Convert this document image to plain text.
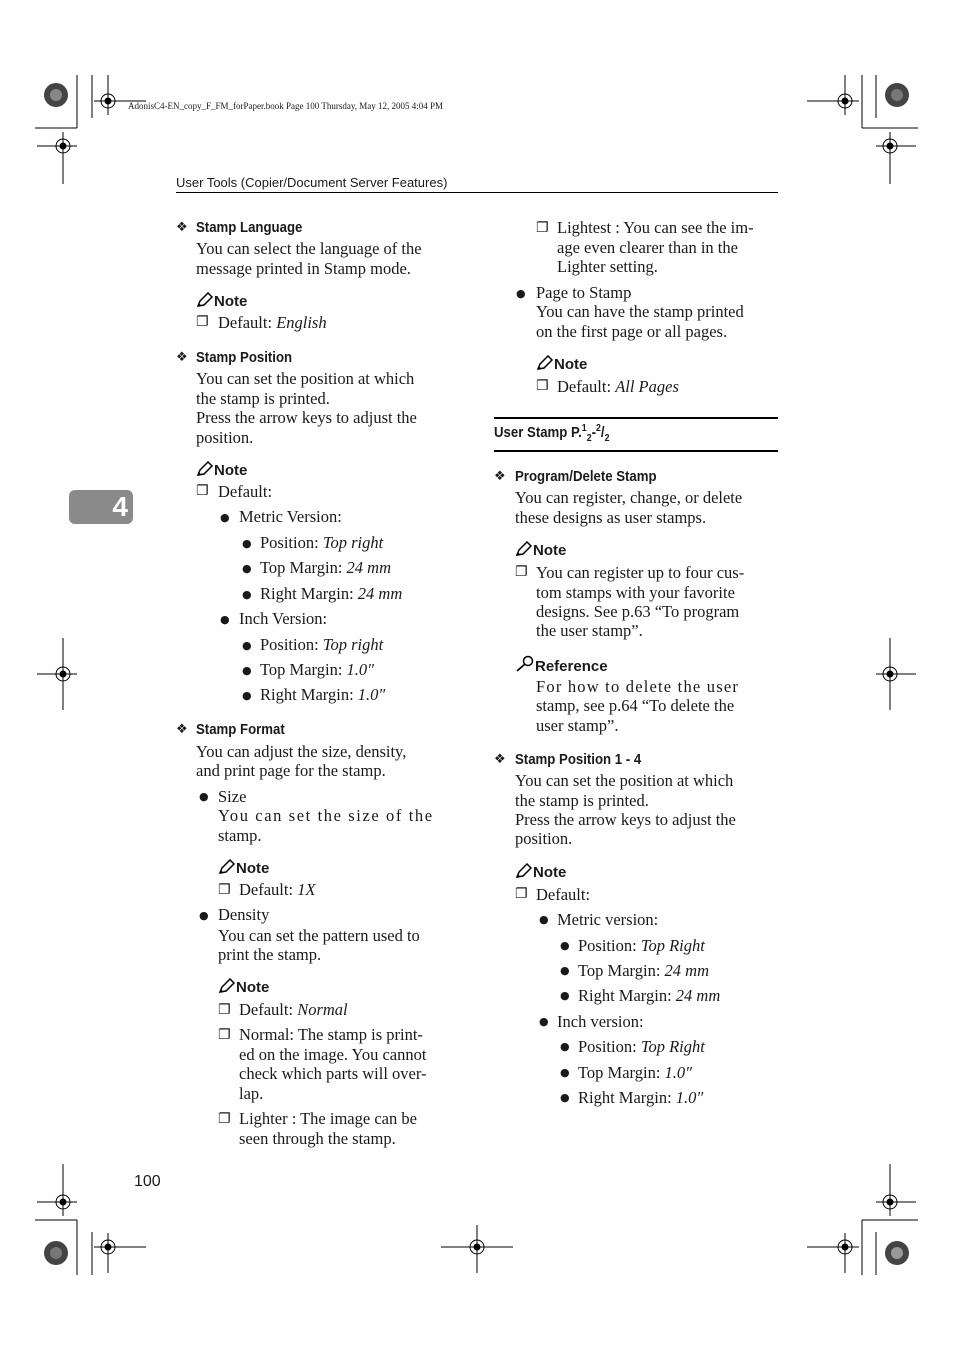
AdonisC4-EN_copy_F_FM_forPaper.book Page 100 Thursday, May 12, 2005 4:04 PM
User Tools (Copier/Document Server Features)
4
100
❖ Stamp Language
You can select the language of the
message printed in Stamp mode.
Note
❐ Default: English
❖ Stamp Position
You can set the position at which
the stamp is printed.
Press the arrow keys to adjust the
position.
Note
❐ Default:
● Metric Version:
● Position: Top right
● Top Margin: 24 mm
● Right Margin: 24 mm
● Inch Version:
● Position: Top right
● Top Margin: 1.0″
● Right Margin: 1.0″
❖ Stamp Format
You can adjust the size, density,
and print page for the stamp.
● Size
You can set the size of the
stamp.
Note
❐ Default: 1X
● Density
You can set the pattern used to
print the stamp.
Note
❐ Default: Normal
❐ Normal: The stamp is print-
ed on the image. You cannot
check which parts will over-
lap.
❐ Lighter : The image can be
seen through the stamp.
❐ Lightest : You can see the im-
age even clearer than in the
Lighter setting.
● Page to Stamp
You can have the stamp printed
on the first page or all pages.
Note
❐ Default: All Pages
User Stamp $P.^1_2-^2/_2$
❖ Program/Delete Stamp
You can register, change, or delete
these designs as user stamps.
Note
❐ You can register up to four cus-
tom stamps with your favorite
designs. See p.63 “To program
the user stamp”.
Reference
For how to delete the user
stamp, see p.64 “To delete the
user stamp”.
❖ Stamp Position 1 - 4
You can set the position at which
the stamp is printed.
Press the arrow keys to adjust the
position.
Note
❐ Default:
● Metric version:
● Position: Top Right
● Top Margin: 24 mm
● Right Margin: 24 mm
● Inch version:
● Position: Top Right
● Top Margin: 1.0″
● Right Margin: 1.0″
